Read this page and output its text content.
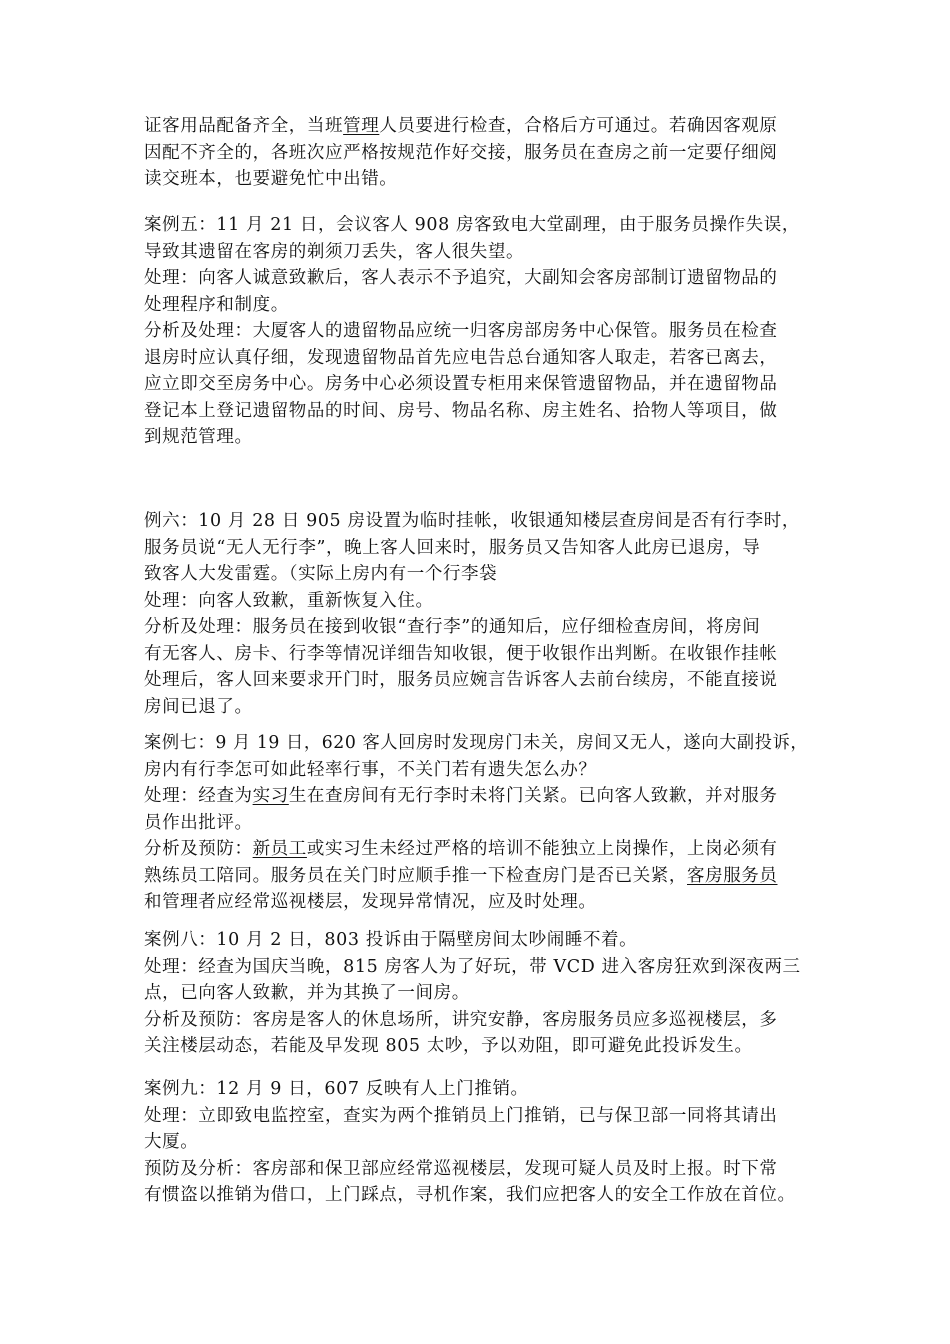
证客用品配备齐全，当班管理人员要进行检查，合格后方可通过。若确因客观原
因配不齐全的，各班次应严格按规范作好交接，服务员在查房之前一定要仔细阅
读交班本，也要避免忙中出错。
案例五：11 月 21 日，会议客人 908 房客致电大堂副理，由于服务员操作失误，
导致其遗留在客房的剃须刀丢失，客人很失望。
处理：向客人诚意致歉后，客人表示不予追究，大副知会客房部制订遗留物品的
处理程序和制度。
分析及处理：大厦客人的遗留物品应统一归客房部房务中心保管。服务员在检查
退房时应认真仔细，发现遗留物品首先应电告总台通知客人取走，若客已离去，
应立即交至房务中心。房务中心必须设置专柜用来保管遗留物品，并在遗留物品
登记本上登记遗留物品的时间、房号、物品名称、房主姓名、拾物人等项目，做
到规范管理。
例六：10 月 28 日 905 房设置为临时挂帐，收银通知楼层查房间是否有行李时，
服务员说“无人无行李”，晚上客人回来时，服务员又告知客人此房已退房，导
致客人大发雷霆。（实际上房内有一个行李袋
处理：向客人致歉，重新恢复入住。
分析及处理：服务员在接到收银“查行李”的通知后，应仔细检查房间，将房间
有无客人、房卡、行李等情况详细告知收银，便于收银作出判断。在收银作挂帐
处理后，客人回来要求开门时，服务员应婉言告诉客人去前台续房，不能直接说
房间已退了。
案例七：9 月 19 日，620 客人回房时发现房门未关，房间又无人，遂向大副投诉，
房内有行李怎可如此轻率行事，不关门若有遗失怎么办？
处理：经查为实习生在查房间有无行李时未将门关紧。已向客人致歉，并对服务
员作出批评。
分析及预防：新员工或实习生未经过严格的培训不能独立上岗操作，上岗必须有
熟练员工陪同。服务员在关门时应顺手推一下检查房门是否已关紧，客房服务员
和管理者应经常巡视楼层，发现异常情况，应及时处理。
案例八：10 月 2 日，803 投诉由于隔壁房间太吵闹睡不着。
处理：经查为国庆当晚，815 房客人为了好玩，带 VCD 进入客房狂欢到深夜两三
点，已向客人致歉，并为其换了一间房。
分析及预防：客房是客人的休息场所，讲究安静，客房服务员应多巡视楼层，多
关注楼层动态，若能及早发现 805 太吵，予以劝阻，即可避免此投诉发生。
案例九：12 月 9 日，607 反映有人上门推销。
处理：立即致电监控室，查实为两个推销员上门推销，已与保卫部一同将其请出
大厦。
预防及分析：客房部和保卫部应经常巡视楼层，发现可疑人员及时上报。时下常
有惯盗以推销为借口，上门踩点，寻机作案，我们应把客人的安全工作放在首位。
